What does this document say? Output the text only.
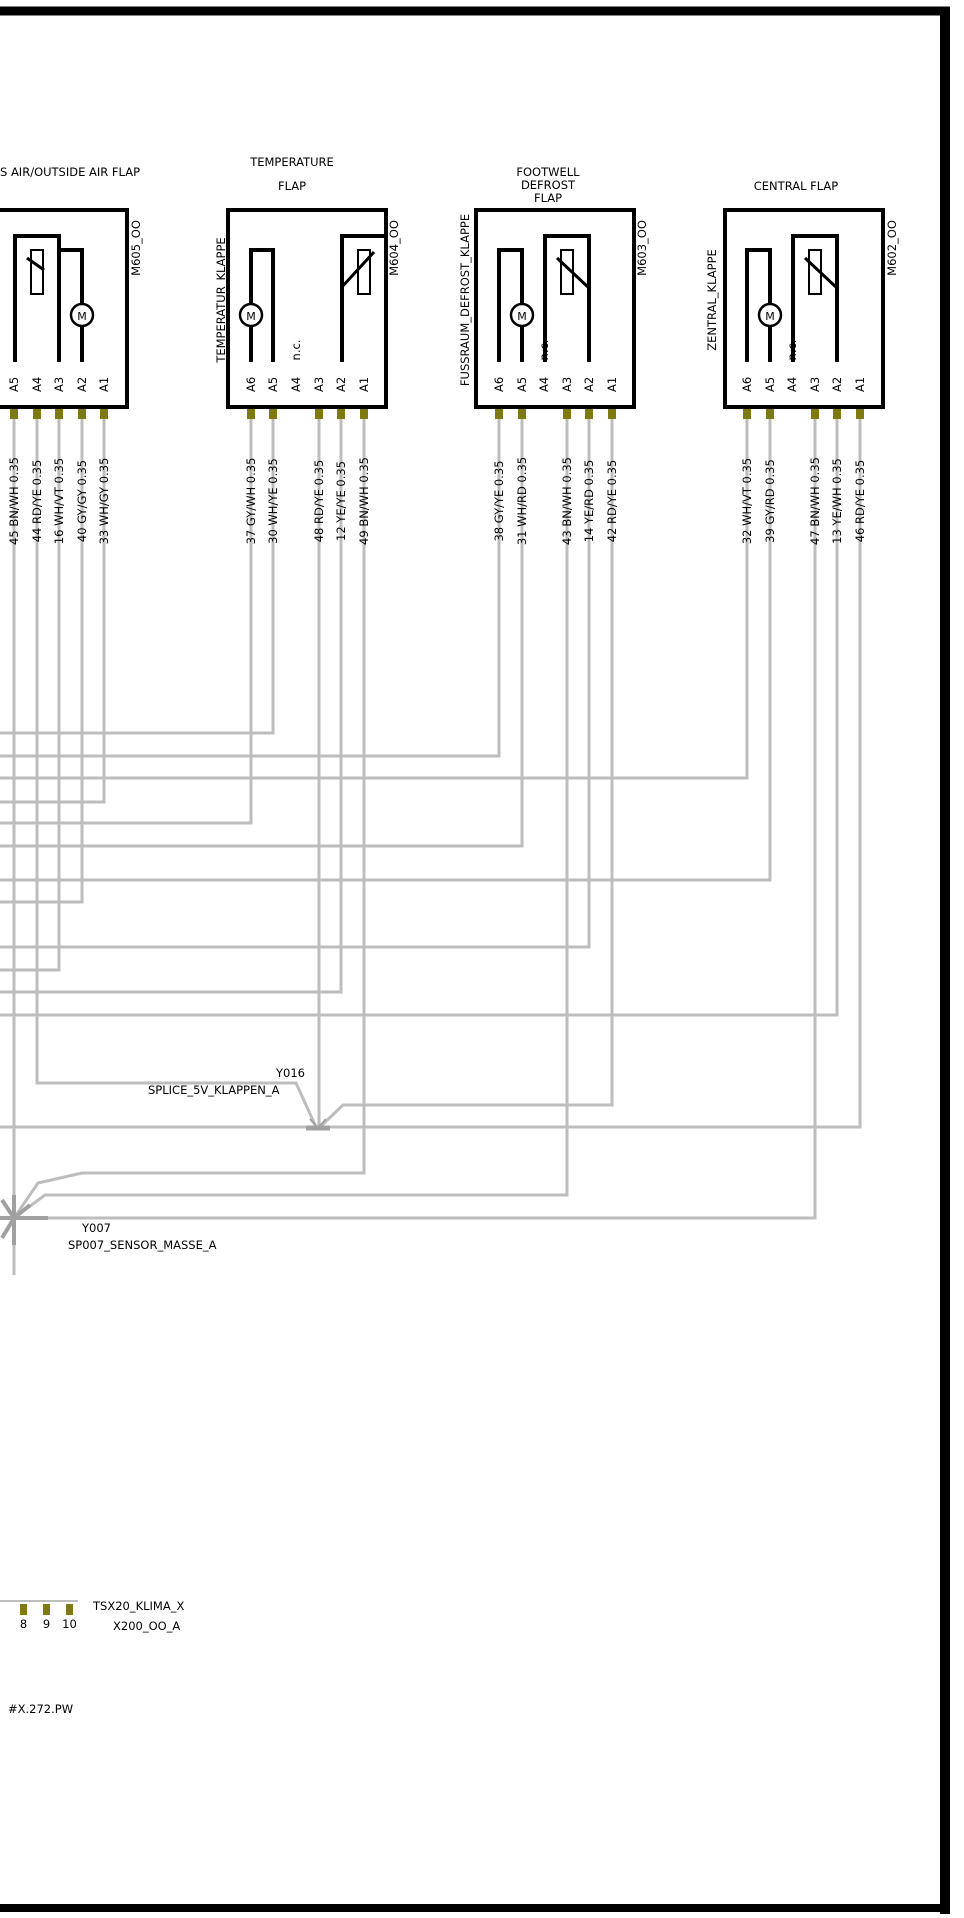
Y016
SPLICE_5V_KLAPPEN_A
Y007
SP007_SENSOR_MASSE_A
S AIR/OUTSIDE AIR FLAP
M605_OO
M
A5
45 BN/WH 0.35
A4
44 RD/YE 0.35
A3
16 WH/VT 0.35
A2
40 GY/GY 0.35
A1
33 WH/GY 0.35
TEMPERATURE
FLAP
M604_OO
TEMPERATUR_KLAPPE M
A6
37 GY/WH 0.35
A5
30 WH/YE 0.35
A4 A3
48 RD/YE 0.35
A2
12 YE/YE 0.35
A1
49 BN/WH 0.35
n.c.
FOOTWELL
DEFROST
FLAP
M603_OO
FUSSRAUM_DEFROST_KLAPPE	M
A6
38 GY/YE 0.35
A5
31 WH/RD 0.35
A4 A3
43 BN/WH 0.35
A2
14 YE/RD 0.35
A1
42 RD/YE 0.35
n.c.
CENTRAL FLAP
M602_OO
ZENTRAL_KLAPPE	M
A6
32 WH/VT 0.35
A5
39 GY/RD 0.35
A4 A3
47 BN/WH 0.35
A2
13 YE/WH 0.35
A1
46 RD/YE 0.35
n.c.
8 9 10
TSX20_KLIMA_X
X200_OO_A
#X.272.PW
